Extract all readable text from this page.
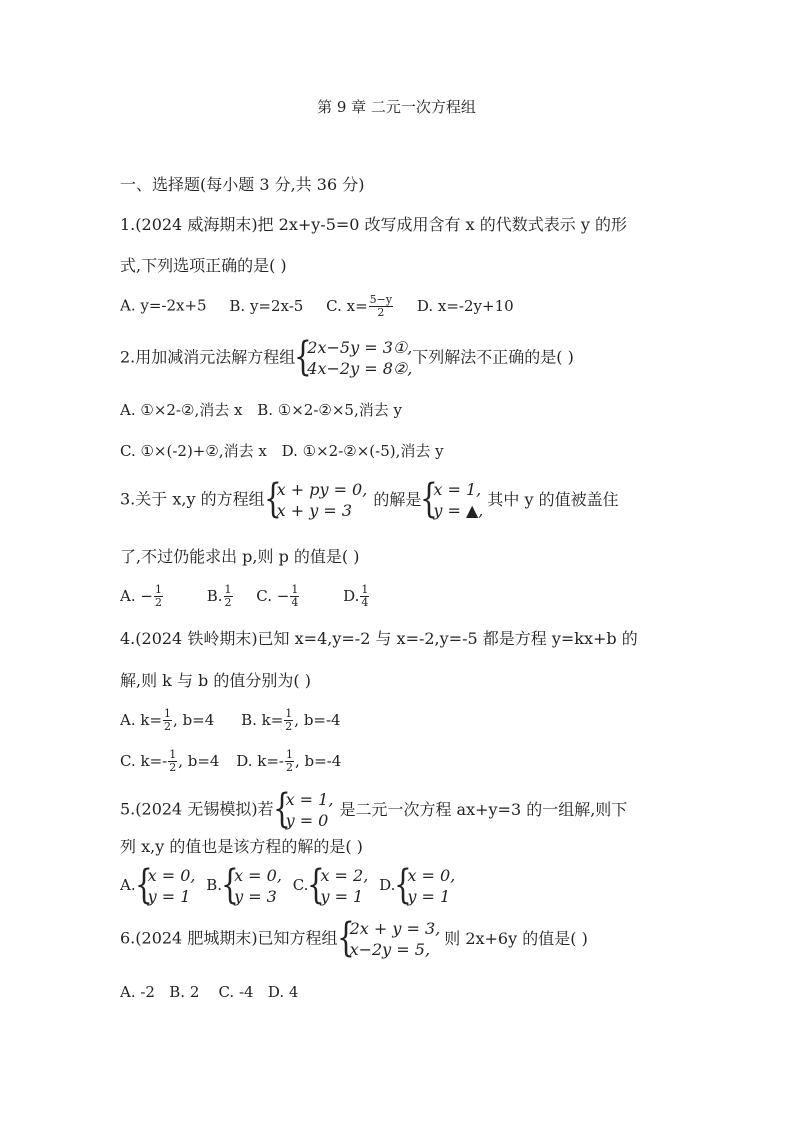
第 9 章 二元一次方程组
一、选择题(每小题 3 分,共 36 分)
1.(2024 威海期末)把 2x+y-5=0 改写成用含有 x 的代数式表示 y 的形
式,下列选项正确的是( )
A. y=-2x+5 B. y=2x-5 C. $x= \frac{5-y}{2} D$. x=-2y+10
2.用加减消元法解方程组 {
2x−5y = 3①,
4x−2y = 8②,
下列解法不正确的是( )
A. ①×2-②,消去 x B. ①×2-②×5,消去 y
C. ①×(-2)+②,消去 x D. ①×2-②×(-5),消去 y
3.关于 x,y 的方程组 {
x + py = 0,
x + y = 3
的解是 {
x = 1,
y = ▲,
其中 y 的值被盖住
了,不过仍能求出 p,则 p 的值是( )
A. − $\frac{1}{2}$	B. $\frac{1}{2} C$. − $\frac{1}{4}$	D. $\frac{1}{4}$
4.(2024 铁岭期末)已知 x=4,y=-2 与 x=-2,y=-5 都是方程 y=kx+b 的
解,则 k 与 b 的值分别为( )
A. $k= \frac{1}{2}$ , b=4 B. $k= \frac{1}{2}$ , b=-4
C. $k=- \frac{1}{2}$ , b=4 D. $k=- \frac{1}{2}$ , b=-4
5.(2024 无锡模拟)若 {
x = 1,
y = 0
是二元一次方程 ax+y=3 的一组解,则下
列 x,y 的值也是该方程的解的是( )
A. {
x = 0,
y = 1
B. {
x = 0,
y = 3
C. {
x = 2,
y = 1
D. {
x = 0,
y = 1
6.(2024 肥城期末)已知方程组 {
2x + y = 3,
x−2y = 5,
则 2x+6y 的值是( )
A. -2   B. 2    C. -4   D. 4
